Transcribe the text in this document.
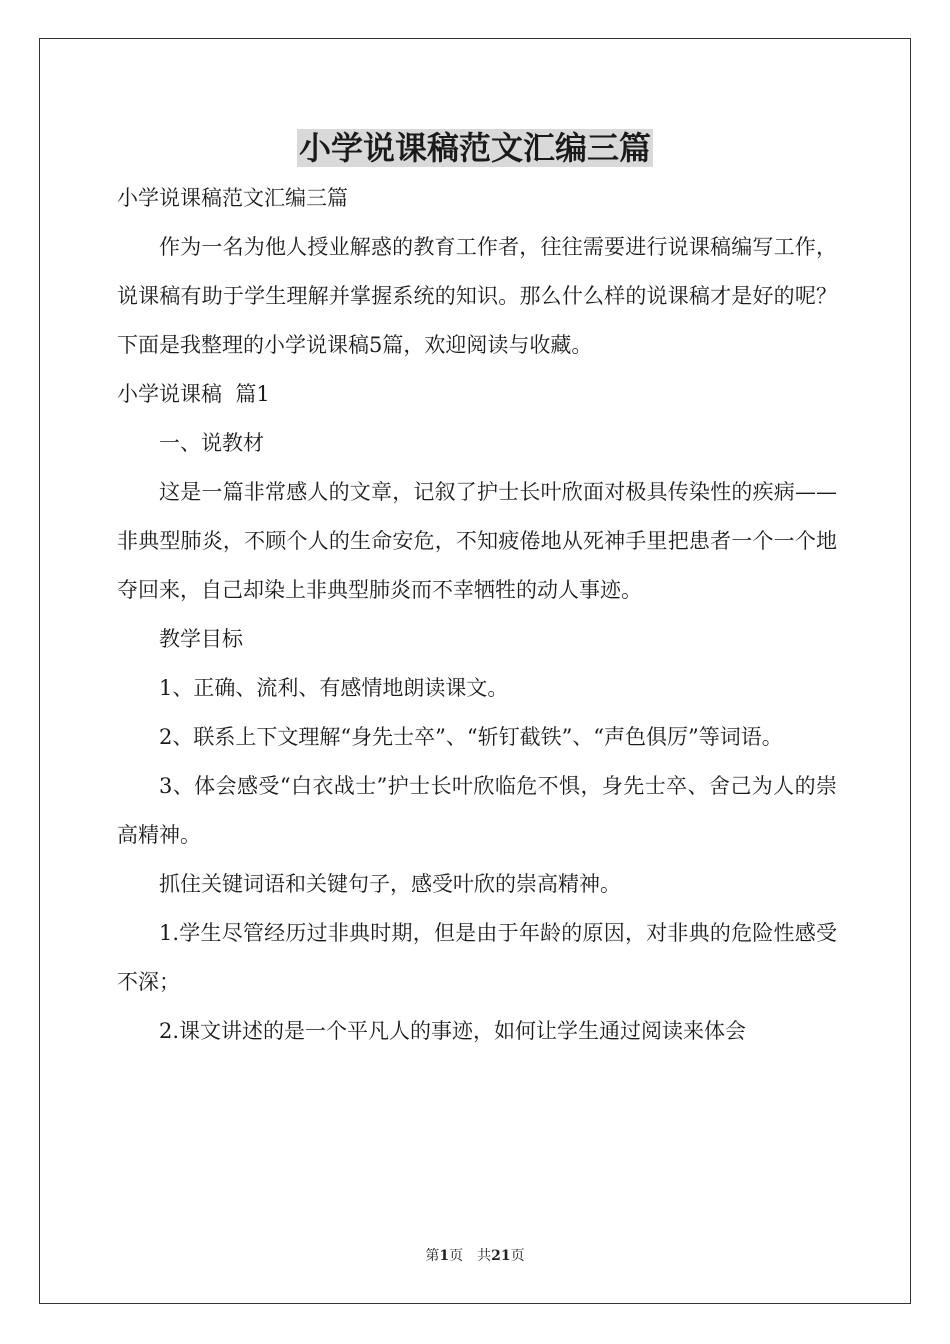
小学说课稿范文汇编三篇

小学说课稿范文汇编三篇

作为一名为他人授业解惑的教育工作者，往往需要进行说课稿编写工作，说课稿有助于学生理解并掌握系统的知识。那么什么样的说课稿才是好的呢？下面是我整理的小学说课稿5篇，欢迎阅读与收藏。

小学说课稿  篇1

一、说教材

这是一篇非常感人的文章，记叙了护士长叶欣面对极具传染性的疾病——非典型肺炎，不顾个人的生命安危，不知疲倦地从死神手里把患者一个一个地夺回来，自己却染上非典型肺炎而不幸牺牲的动人事迹。

教学目标

1、正确、流利、有感情地朗读课文。

2、联系上下文理解“身先士卒”、“斩钉截铁”、“声色俱厉”等词语。

3、体会感受“白衣战士”护士长叶欣临危不惧，身先士卒、舍己为人的崇高精神。

抓住关键词语和关键句子，感受叶欣的崇高精神。

1.学生尽管经历过非典时期，但是由于年龄的原因，对非典的危险性感受不深；

2.课文讲述的是一个平凡人的事迹，如何让学生通过阅读来体会

第1页 共21页
